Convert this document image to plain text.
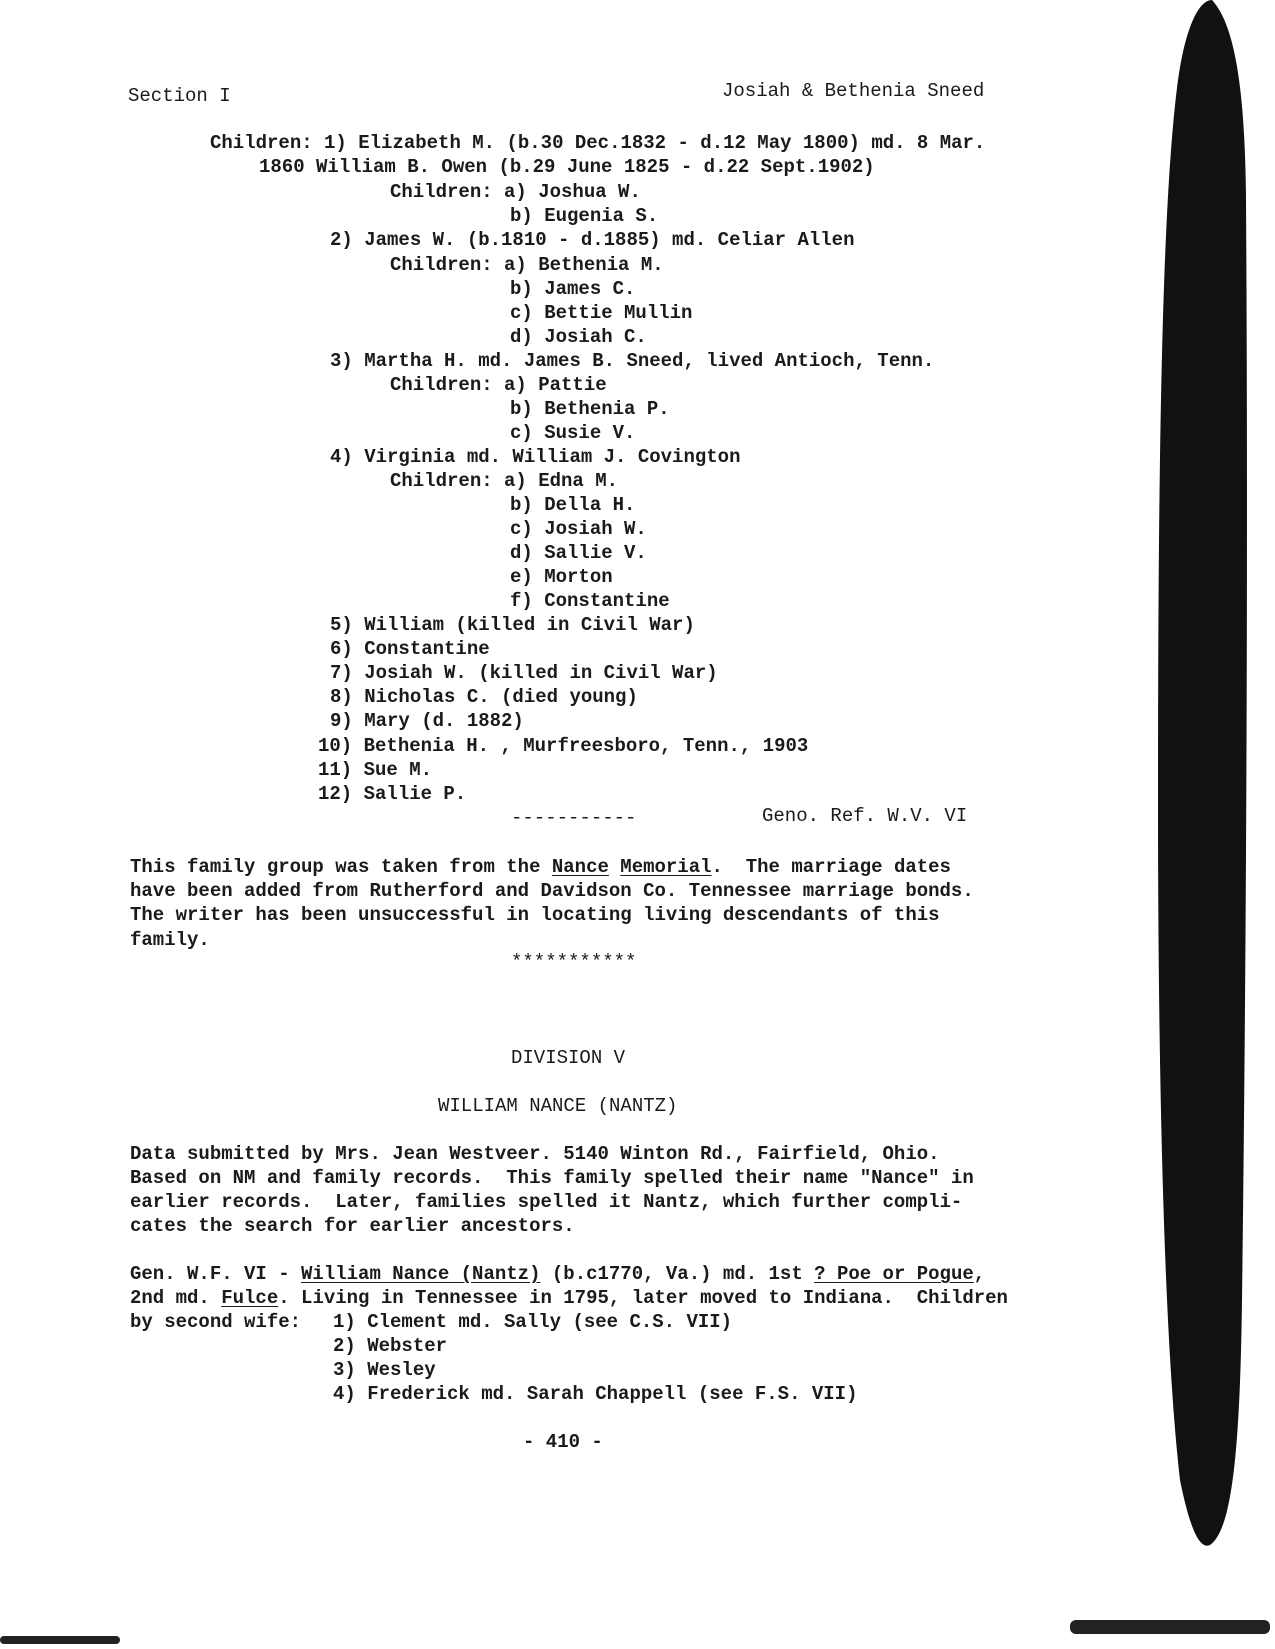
Section I	Josiah & Bethenia Sneed
Children: 1) Elizabeth M. (b.30 Dec.1832 - d.12 May 1800) md. 8 Mar.
1860 William B. Owen (b.29 June 1825 - d.22 Sept.1902)
Children: a) Joshua W.
b) Eugenia S.
2) James W. (b.1810 - d.1885) md. Celiar Allen
Children: a) Bethenia M.
b) James C.
c) Bettie Mullin
d) Josiah C.
3) Martha H. md. James B. Sneed, lived Antioch, Tenn.
Children: a) Pattie
b) Bethenia P.
c) Susie V.
4) Virginia md. William J. Covington
Children: a) Edna M.
b) Della H.
c) Josiah W.
d) Sallie V.
e) Morton
f) Constantine
5) William (killed in Civil War)
6) Constantine
7) Josiah W. (killed in Civil War)
8) Nicholas C. (died young)
9) Mary (d. 1882)
10) Bethenia H. , Murfreesboro, Tenn., 1903
11) Sue M.
12) Sallie P.
-----------	Geno. Ref. W.V. VI
This family group was taken from the Nance Memorial.  The marriage dates
have been added from Rutherford and Davidson Co. Tennessee marriage bonds.
The writer has been unsuccessful in locating living descendants of this
family.
***********
DIVISION V
WILLIAM NANCE (NANTZ)
Data submitted by Mrs. Jean Westveer. 5140 Winton Rd., Fairfield, Ohio.
Based on NM and family records.  This family spelled their name "Nance" in
earlier records.  Later, families spelled it Nantz, which further compli-
cates the search for earlier ancestors.
Gen. W.F. VI - William Nance (Nantz) (b.c1770, Va.) md. 1st ? Poe or Pogue,
2nd md. Fulce. Living in Tennessee in 1795, later moved to Indiana.  Children
by second wife: 1) Clement md. Sally (see C.S. VII)
2) Webster
3) Wesley
4) Frederick md. Sarah Chappell (see F.S. VII)
- 410 -
